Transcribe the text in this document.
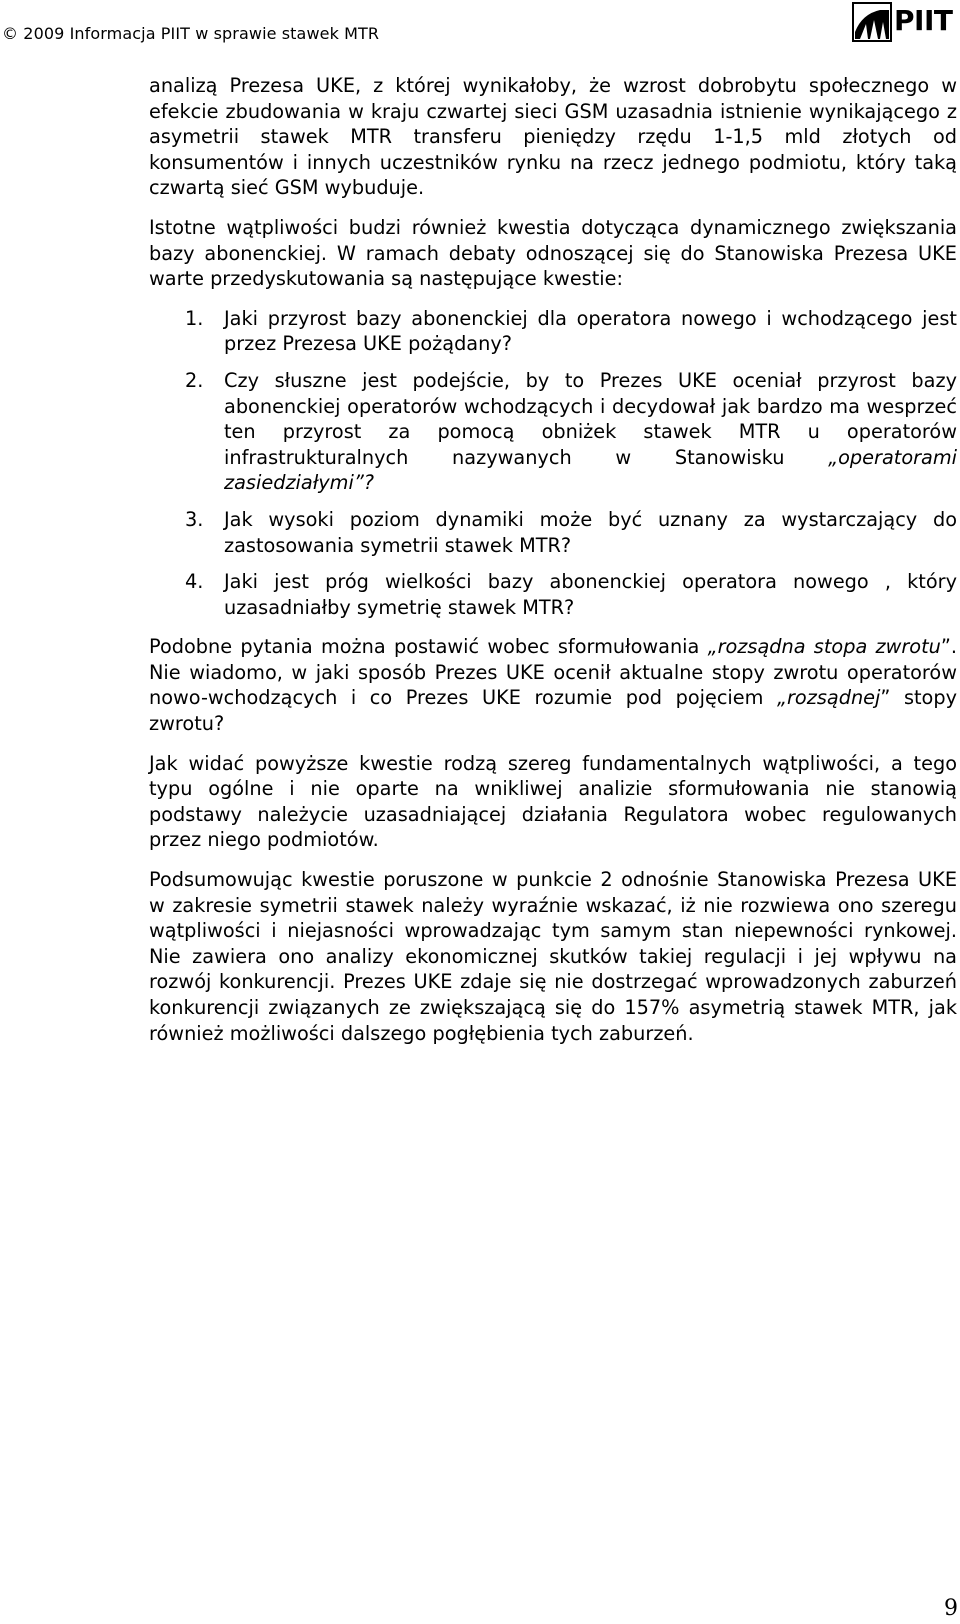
© 2009 Informacja PIIT w sprawie stawek MTR	PIIT

analizą Prezesa UKE, z której wynikałoby, że wzrost dobrobytu społecznego w efekcie zbudowania w kraju czwartej sieci GSM uzasadnia istnienie wynikającego z asymetrii stawek MTR transferu pieniędzy rzędu 1-1,5 mld złotych od konsumentów i innych uczestników rynku na rzecz jednego podmiotu, który taką czwartą sieć GSM wybuduje.

Istotne wątpliwości budzi również kwestia dotycząca dynamicznego zwiększania bazy abonenckiej. W ramach debaty odnoszącej się do Stanowiska Prezesa UKE warte przedyskutowania są następujące kwestie:

1. Jaki przyrost bazy abonenckiej dla operatora nowego i wchodzącego jest przez Prezesa UKE pożądany?
2. Czy słuszne jest podejście, by to Prezes UKE oceniał przyrost bazy abonenckiej operatorów wchodzących i decydował jak bardzo ma wesprzeć ten przyrost za pomocą obniżek stawek MTR u operatorów infrastrukturalnych nazywanych w Stanowisku „operatorami zasiedziałymi”?
3. Jak wysoki poziom dynamiki może być uznany za wystarczający do zastosowania symetrii stawek MTR?
4. Jaki jest próg wielkości bazy abonenckiej operatora nowego , który uzasadniałby symetrię stawek MTR?

Podobne pytania można postawić wobec sformułowania „rozsądna stopa zwrotu”. Nie wiadomo, w jaki sposób Prezes UKE ocenił aktualne stopy zwrotu operatorów nowo-wchodzących i co Prezes UKE rozumie pod pojęciem „rozsądnej” stopy zwrotu?

Jak widać powyższe kwestie rodzą szereg fundamentalnych wątpliwości, a tego typu ogólne i nie oparte na wnikliwej analizie sformułowania nie stanowią podstawy należycie uzasadniającej działania Regulatora wobec regulowanych przez niego podmiotów.

Podsumowując kwestie poruszone w punkcie 2 odnośnie Stanowiska Prezesa UKE w zakresie symetrii stawek należy wyraźnie wskazać, iż nie rozwiewa ono szeregu wątpliwości i niejasności wprowadzając tym samym stan niepewności rynkowej. Nie zawiera ono analizy ekonomicznej skutków takiej regulacji i jej wpływu na rozwój konkurencji. Prezes UKE zdaje się nie dostrzegać wprowadzonych zaburzeń konkurencji związanych ze zwiększającą się do 157% asymetrią stawek MTR, jak również możliwości dalszego pogłębienia tych zaburzeń.

9
